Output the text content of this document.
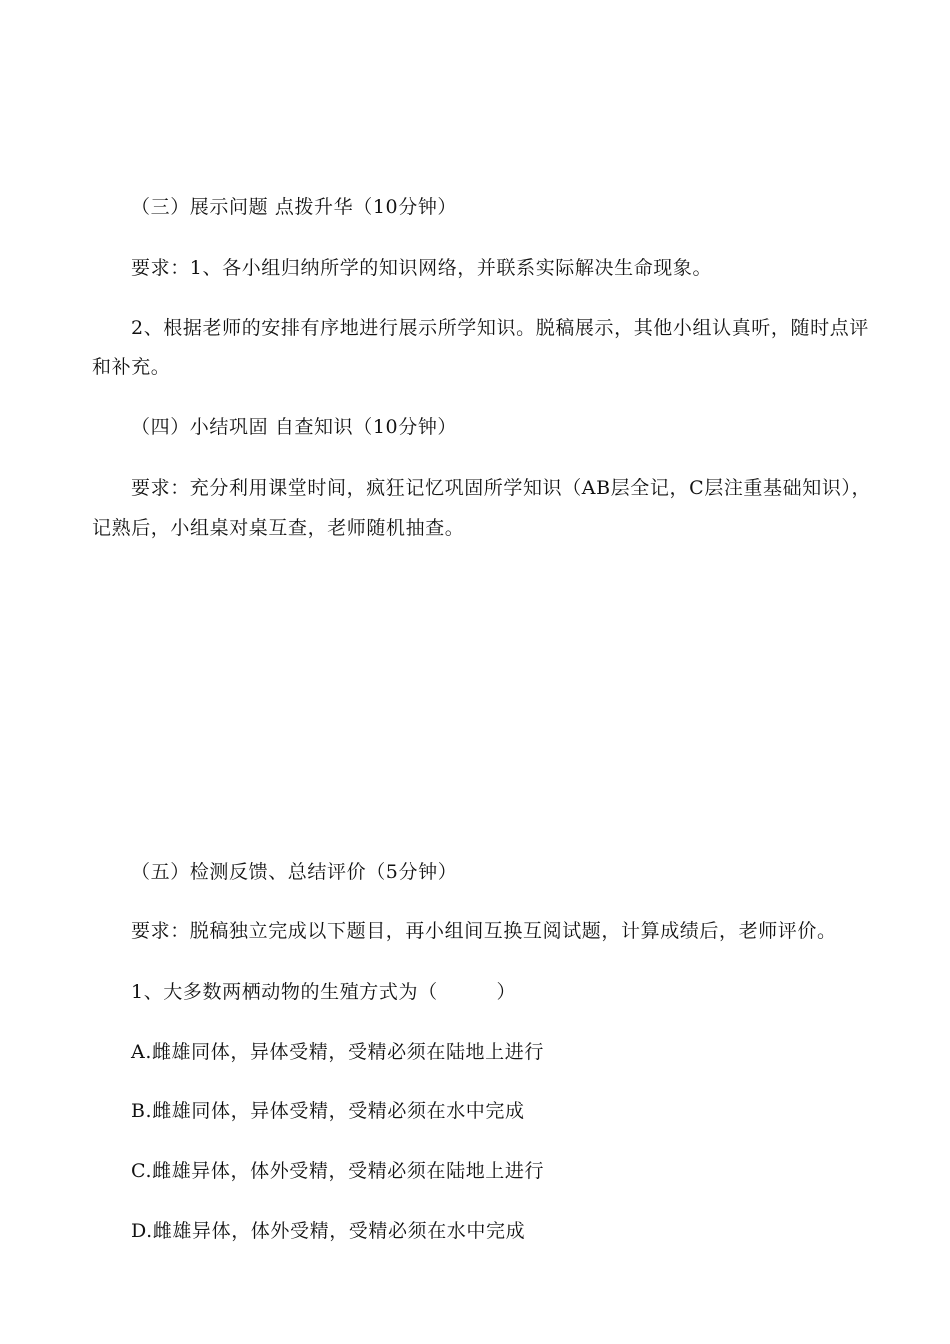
（三）展示问题 点拨升华（10分钟）
要求：1、各小组归纳所学的知识网络，并联系实际解决生命现象。
2、根据老师的安排有序地进行展示所学知识。脱稿展示，其他小组认真听，随时点评
和补充。
（四）小结巩固 自查知识（10分钟）
要求：充分利用课堂时间，疯狂记忆巩固所学知识（AB层全记，C层注重基础知识），
记熟后，小组桌对桌互查，老师随机抽查。
（五）检测反馈、总结评价（5分钟）
要求：脱稿独立完成以下题目，再小组间互换互阅试题，计算成绩后，老师评价。
1、大多数两栖动物的生殖方式为（　　　）
A.雌雄同体，异体受精，受精必须在陆地上进行
B.雌雄同体，异体受精，受精必须在水中完成
C.雌雄异体，体外受精，受精必须在陆地上进行
D.雌雄异体，体外受精，受精必须在水中完成
